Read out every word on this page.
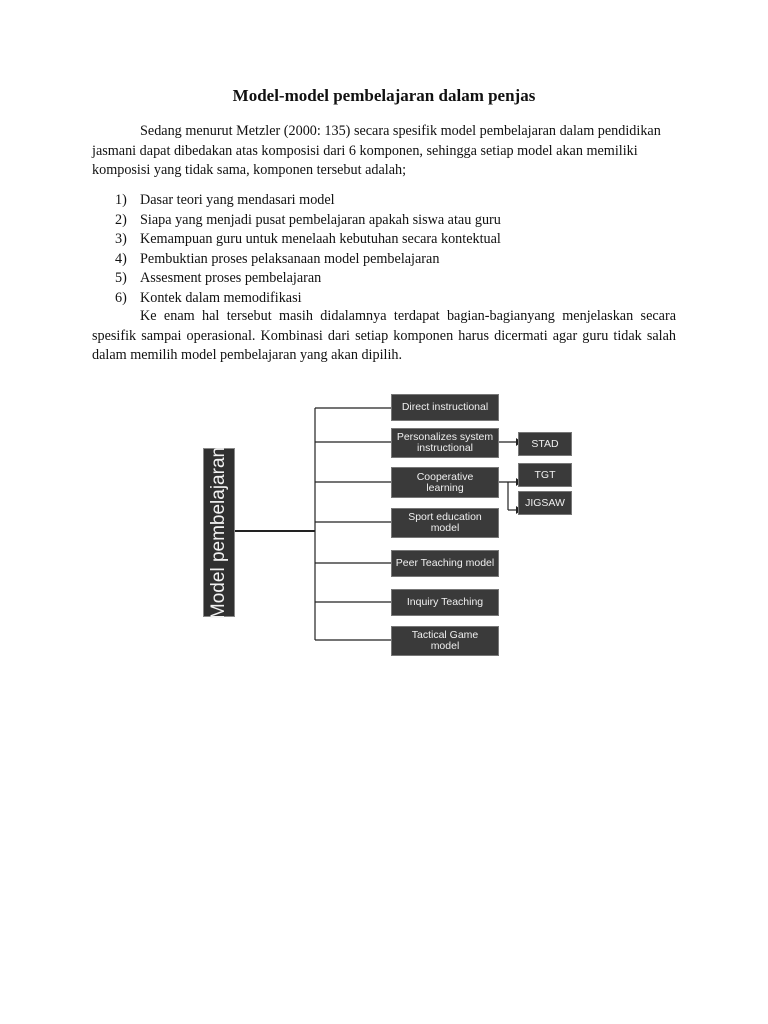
Model-model pembelajaran dalam penjas
Sedang menurut Metzler (2000: 135) secara spesifik model pembelajaran dalam pendidikan jasmani dapat dibedakan atas komposisi dari 6 komponen, sehingga setiap model akan memiliki komposisi yang tidak sama, komponen tersebut adalah;
1) Dasar teori yang mendasari model
2) Siapa yang menjadi pusat pembelajaran apakah siswa atau guru
3) Kemampuan guru untuk menelaah kebutuhan secara kontektual
4) Pembuktian proses pelaksanaan model pembelajaran
5) Assesment proses pembelajaran
6) Kontek dalam memodifikasi
Ke enam hal tersebut masih didalamnya terdapat bagian-bagianyang menjelaskan secara spesifik sampai operasional. Kombinasi dari setiap komponen harus dicermati agar guru tidak salah dalam memilih model pembelajaran yang akan dipilih.
Model pembelajaran
Direct instructional
Personalizes system
instructional
Cooperative
learning
Sport education
model
Peer Teaching model
Inquiry Teaching
Tactical Game
model
STAD
TGT
JIGSAW
